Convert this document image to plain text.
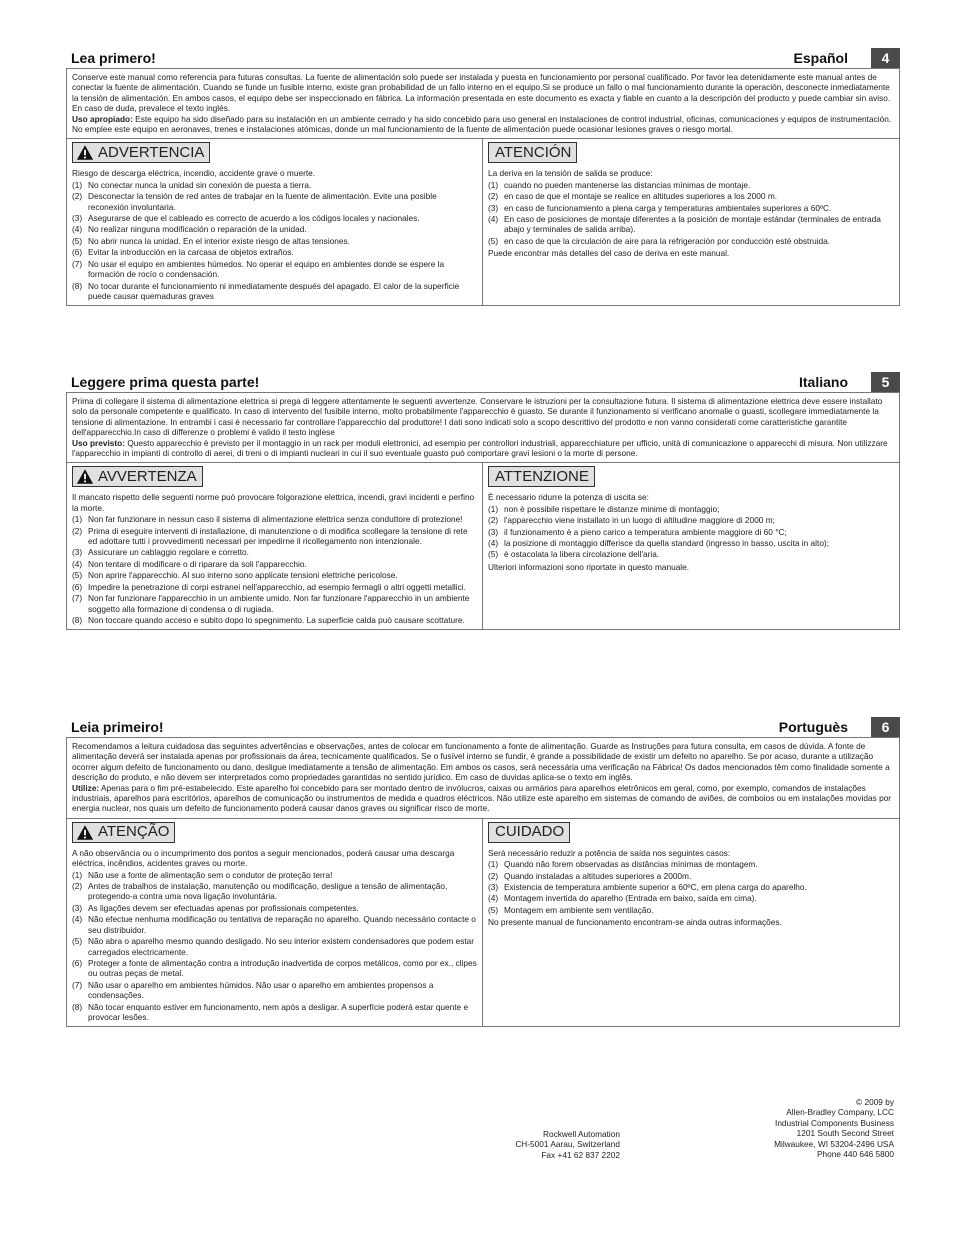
Lea primero!	Español	4

Conserve este manual como referencia para futuras consultas. La fuente de alimentación solo puede ser instalada y puesta en funcionamiento por personal cualificado. Por favor lea detenidamente este manual antes de conectar la fuente de alimentación. Cuando se funde un fusible interno, existe gran probabilidad de un fallo interno en el equipo.Si se produce un fallo o mal funcionamiento durante la operación, desconecte inmediatamente la tensión de alimentación. En ambos casos, el equipo debe ser inspeccionado en fábrica. La información presentada en este documento es exacta y fiable en cuanto a la descripción del producto y puede cambiar sin aviso. En caso de duda, prevalece el texto inglés.

Uso apropiado: Este equipo ha sido diseñado para su instalación en un ambiente cerrado y ha sido concebido para uso general en instalaciones de control industrial, oficinas, comunicaciones y equipos de instrumentación. No emplee este equipo en aeronaves, trenes e instalaciones atómicas, donde un mal funcionamiento de la fuente de alimentación puede ocasionar lesiones graves o riesgo mortal.

ADVERTENCIA
Riesgo de descarga eléctrica, incendio, accidente grave o muerte.
(1) No conectar nunca la unidad sin conexión de puesta a tierra.
(2) Desconectar la tensión de red antes de trabajar en la fuente de alimentación. Evite una posible reconexión involuntaria.
(3) Asegurarse de que el cableado es correcto de acuerdo a los códigos locales y nacionales.
(4) No realizar ninguna modificación o reparación de la unidad.
(5) No abrir nunca la unidad. En el interior existe riesgo de altas tensiones.
(6) Evitar la introducción en la carcasa de objetos extraños.
(7) No usar el equipo en ambientes húmedos. No operar el equipo en ambientes donde se espere la formación de rocío o condensación.
(8) No tocar durante el funcionamiento ni inmediatamente después del apagado. El calor de la superficie puede causar quemaduras graves
ATENCIÓN
La deriva en la tensión de salida se produce:
(1) cuando no pueden mantenerse las distancias mínimas de montaje.
(2) en caso de que el montaje se realice en altitudes superiores a los 2000 m.
(3) en caso de funcionamiento a plena carga y temperaturas ambientales superiores a 60ºC.
(4) En caso de posiciones de montaje diferentes a la posición de montaje estándar (terminales de entrada abajo y terminales de salida arriba).
(5) en caso de que la circulación de aire para la refrigeración por conducción esté obstruida.
Puede encontrar más detalles del caso de deriva en este manual.
Leggere prima questa parte!	Italiano	5

Prima di collegare il sistema di alimentazione elettrica si prega di leggere attentamente le seguenti avvertenze. Conservare le istruzioni per la consultazione futura. Il sistema di alimentazione elettrica deve essere installato solo da personale competente e qualificato. In caso di intervento del fusibile interno, molto probabilmente l'apparecchio è guasto. Se durante il funzionamento si verificano anomalie o guasti, scollegare immediatamente la tensione di alimentazione. In entrambi i casi è necessario far controllare l'apparecchio dal produttore! I dati sono indicati solo a scopo descrittivo del prodotto e non vanno considerati come caratteristiche garantite dell'apparecchio.In caso di differenze o problemi è valido il testo inglese

Uso previsto: Questo apparecchio è previsto per il montaggio in un rack per moduli elettronici, ad esempio per controllori industriali, apparecchiature per ufficio, unità di comunicazione o apparecchi di misura. Non utilizzare l'apparecchio in impianti di controllo di aerei, di treni o di impianti nucleari in cui il suo eventuale guasto può comportare gravi lesioni o la morte di persone.

AVVERTENZA
Il mancato rispetto delle seguenti norme può provocare folgorazione elettrica, incendi, gravi incidenti e perfino la morte.
(1) Non far funzionare in nessun caso il sistema di alimentazione elettrica senza conduttore di protezione!
(2) Prima di eseguire interventi di installazione, di manutenzione o di modifica scollegare la tensione di rete ed adottare tutti i provvedimenti necessari per impedirne il ricollegamento non intenzionale.
(3) Assicurare un cablaggio regolare e corretto.
(4) Non tentare di modificare o di riparare da soli l'apparecchio.
(5) Non aprire l'apparecchio. Al suo interno sono applicate tensioni elettriche pericolose.
(6) Impedire la penetrazione di corpi estranei nell'apparecchio, ad esempio fermagli o altri oggetti metallici.
(7) Non far funzionare l'apparecchio in un ambiente umido. Non far funzionare l'apparecchio in un ambiente soggetto alla formazione di condensa o di rugiada.
(8) Non toccare quando acceso e subito dopo lo spegnimento. La superficie calda può causare scottature.
ATTENZIONE
È necessario ridurre la potenza di uscita se:
(1) non è possibile rispettare le distanze minime di montaggio;
(2) l'apparecchio viene installato in un luogo di altitudine maggiore di 2000 m;
(3) il funzionamento è a pieno carico a temperatura ambiente maggiore di 60 °C;
(4) la posizione di montaggio differisce da quella standard (ingresso in basso, uscita in alto);
(5) è ostacolata la libera circolazione dell'aria.
Ulteriori informazioni sono riportate in questo manuale.
Leia primeiro!	Portuguès	6

Recomendamos a leitura cuidadosa das seguintes advertências e observações, antes de colocar em funcionamento a fonte de alimentação. Guarde as Instruções para futura consulta, em casos de dúvida. A fonte de alimentação deverá ser instalada apenas por profissionais da área, tecnicamente qualificados. Se o fusível interno se fundir, é grande a possibilidade de existir um defeito no aparelho. Se por acaso, durante a utilização ocorrer algum defeito de funcionamento ou dano, desligue imediatamente a tensão de alimentação. Em ambos os casos, será necessária uma verificação na Fábrica! Os dados mencionados têm como finalidade somente a descrição do produto, e não devem ser interpretados como propriedades garantidas no sentido jurídico. Em caso de duvidas aplica-se o texto em inglês.

Utilize: Apenas para o fim pré-estabelecido. Este aparelho foi concebido para ser montado dentro de invólucros, caixas ou armários para aparelhos eletrônicos em geral, como, por exemplo, comandos de instalações industriais, aparelhos para escritórios, aparelhos de comunicação ou instrumentos de medida e quadros eléctricos. Não utilize este aparelho em sistemas de comando de aviões, de comboios ou em instalações movidas por energia nuclear, nos quais um defeito de funcionamento poderá causar danos graves ou significar risco de morte.

ATENÇÃO
A não observância ou o incumprimento dos pontos a seguir mencionados, poderá causar uma descarga eléctrica, incêndios, acidentes graves ou morte.
(1) Não use a fonte de alimentação sem o condutor de proteção terra!
(2) Antes de trabalhos de instalação, manutenção ou modificação, desligue a tensão de alimentação, protegendo-a contra uma nova ligação involuntária.
(3) As ligações devem ser efectuadas apenas por profissionais competentes.
(4) Não efectue nenhuma modificação ou tentativa de reparação no aparelho. Quando necessário contacte o seu distribuidor.
(5) Não abra o aparelho mesmo quando desligado. No seu interior existem condensadores que podem estar carregados electricamente.
(6) Proteger a fonte de alimentação contra a introdução inadvertida de corpos metálicos, como por ex., clipes ou outras peças de metal.
(7) Não usar o aparelho em ambientes húmidos. Não usar o aparelho em ambientes propensos a condensações.
(8) Não tocar enquanto estiver em funcionamento, nem após a desligar. A superfície poderá estar quente e provocar lesões.
CUIDADO
Será necessário reduzir a potência de saída nos seguintes casos:
(1) Quando não forem observadas as distâncias mínimas de montagem.
(2) Quando instaladas a altitudes superiores a 2000m.
(3) Existencia de temperatura ambiente superior a 60ºC, em plena carga do aparelho.
(4) Montagem invertida do aparelho (Entrada em baixo, saída em cima).
(5) Montagem em ambiente sem ventilação.
No presente manual de funcionamento encontram-se ainda outras informações.
Rockwell Automation
CH-5001 Aarau, Switzerland
Fax +41 62 837 2202
© 2009 by
Allen-Bradley Company, LCC
Industrial Components Business
1201 South Second Street
Milwaukee, WI 53204-2496 USA
Phone 440 646 5800
